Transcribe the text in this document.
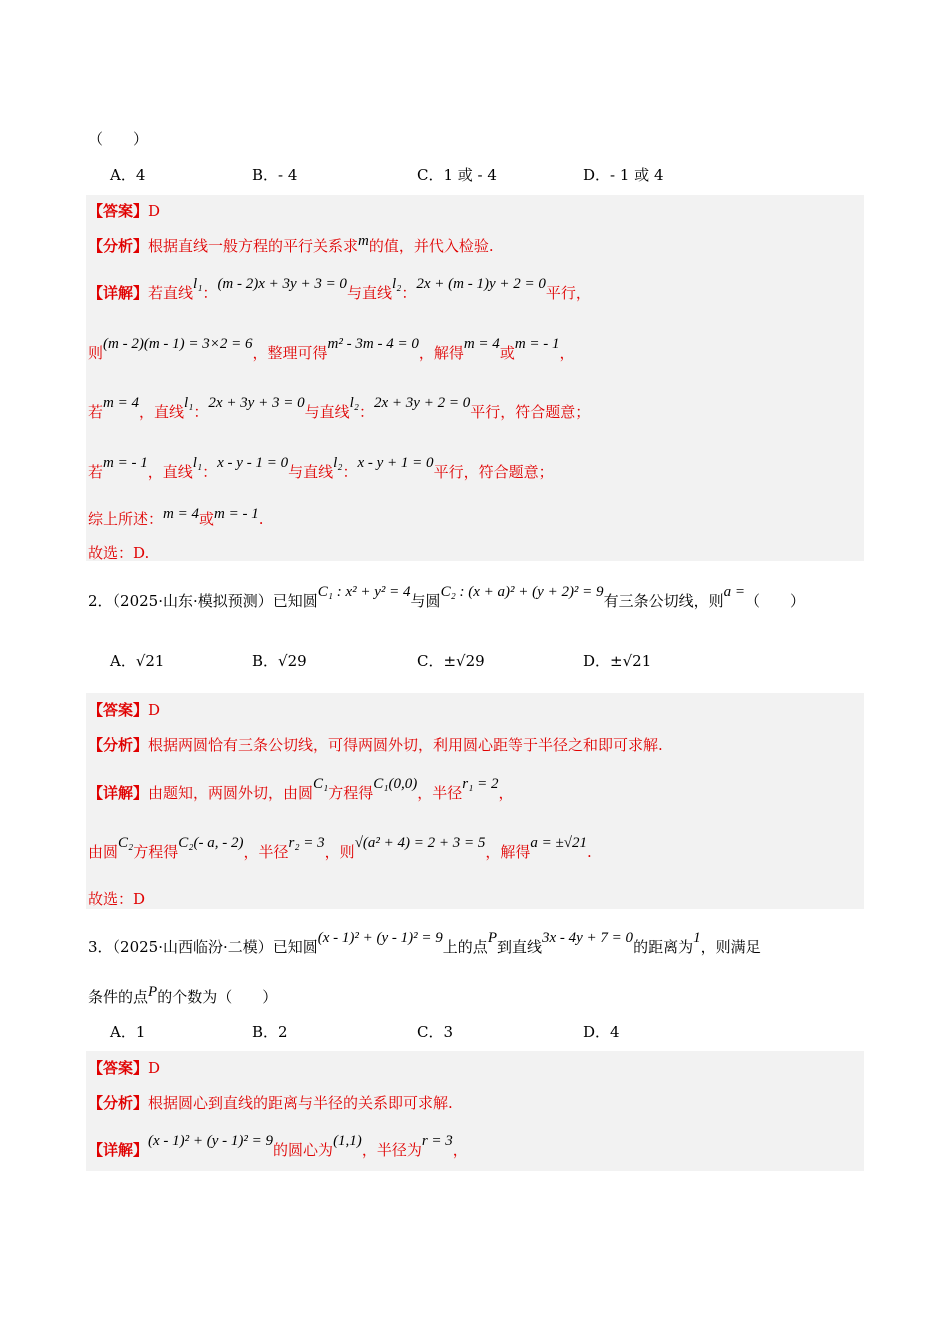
（　　）
A．4	B．- 4	C．1 或 - 4	D．- 1 或 4
【答案】D
【分析】根据直线一般方程的平行关系求m的值，并代入检验.
【详解】若直线l₁：(m - 2)x + 3y + 3 = 0与直线l₂：2x + (m - 1)y + 2 = 0平行，
则(m - 2)(m - 1) = 3×2 = 6，整理可得m² - 3m - 4 = 0，解得m = 4或m = - 1，
若m = 4，直线l₁：2x + 3y + 3 = 0与直线l₂：2x + 3y + 2 = 0平行，符合题意；
若m = - 1，直线l₁：x - y - 1 = 0与直线l₂：x - y + 1 = 0平行，符合题意；
综上所述：m = 4或m = - 1.
故选：D.
2．（2025·山东·模拟预测）已知圆C₁ : x² + y² = 4与圆C₂ : (x + a)² + (y + 2)² = 9有三条公切线，则a =（　　）
A．√21	B．√29	C．±√29	D．±√21
【答案】D
【分析】根据两圆恰有三条公切线，可得两圆外切，利用圆心距等于半径之和即可求解.
【详解】由题知，两圆外切，由圆C₁方程得C₁(0,0)，半径r₁ = 2，
由圆C₂方程得C₂(- a, - 2)，半径r₂ = 3，则√(a² + 4) = 2 + 3 = 5，解得a = ±√21.
故选：D
3．（2025·山西临汾·二模）已知圆(x - 1)² + (y - 1)² = 9上的点P到直线3x - 4y + 7 = 0的距离为1，则满足
条件的点P的个数为（　　）
A．1	B．2	C．3	D．4
【答案】D
【分析】根据圆心到直线的距离与半径的关系即可求解.
【详解】(x - 1)² + (y - 1)² = 9的圆心为(1,1)，半径为r = 3，
